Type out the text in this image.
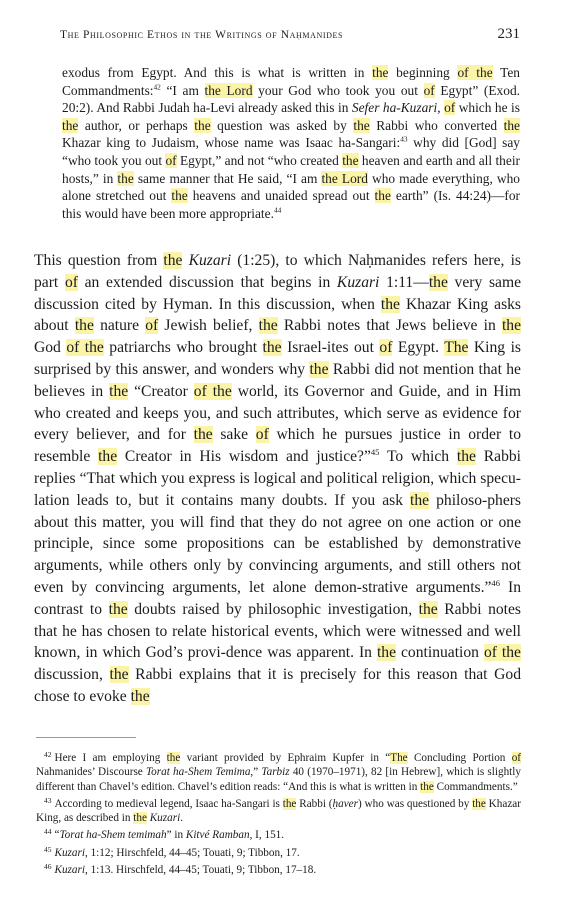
The Philosophic Ethos in the Writings of Naḥmanides	231

exodus from Egypt. And this is what is written in the beginning of the Ten Commandments:$^{42}$ “I am the Lord your God who took you out of Egypt” (Exod. 20:2). And Rabbi Judah ha-Levi already asked this in Sefer ha-Kuzari, of which he is the author, or perhaps the question was asked by the Rabbi who converted the Khazar king to Judaism, whose name was Isaac ha-Sangari:$^{43}$ why did [God] say “who took you out of Egypt,” and not “who created the heaven and earth and all their hosts,” in the same manner that He said, “I am the Lord who made everything, who alone stretched out the heavens and unaided spread out the earth” (Is. 44:24)—for this would have been more appropriate.$^{44}$

This question from the Kuzari (1:25), to which Naḥmanides refers here, is part of an extended discussion that begins in Kuzari 1:11—the very same discussion cited by Hyman. In this discussion, when the Khazar King asks about the nature of Jewish belief, the Rabbi notes that Jews believe in the God of the patriarchs who brought the Israel-ites out of Egypt. The King is surprised by this answer, and wonders why the Rabbi did not mention that he believes in the “Creator of the world, its Governor and Guide, and in Him who created and keeps you, and such attributes, which serve as evidence for every believer, and for the sake of which he pursues justice in order to resemble the Creator in His wisdom and justice?”$^{45}$ To which the Rabbi replies “That which you express is logical and political religion, which specu-lation leads to, but it contains many doubts. If you ask the philoso-phers about this matter, you will find that they do not agree on one action or one principle, since some propositions can be established by demonstrative arguments, while others only by convincing arguments, and still others not even by convincing arguments, let alone demon-strative arguments.”$^{46}$ In contrast to the doubts raised by philosophic investigation, the Rabbi notes that he has chosen to relate historical events, which were witnessed and well known, in which God’s provi-dence was apparent. In the continuation of the discussion, the Rabbi explains that it is precisely for this reason that God chose to evoke the

$^{42}$ Here I am employing the variant provided by Ephraim Kupfer in “The Concluding Portion of Nahmanides’ Discourse Torat ha-Shem Temima,” Tarbiz 40 (1970–1971), 82 [in Hebrew], which is slightly different than Chavel’s edition. Chavel’s edition reads: “And this is what is written in the Commandments.”

$^{43}$ According to medieval legend, Isaac ha-Sangari is the Rabbi (ḥaver) who was questioned by the Khazar King, as described in the Kuzari.

$^{44}$ “Torat ha-Shem temimah” in Kitvé Ramban, I, 151.

$^{45}$ Kuzari, 1:12; Hirschfeld, 44–45; Touati, 9; Tibbon, 17.

$^{46}$ Kuzari, 1:13. Hirschfeld, 44–45; Touati, 9; Tibbon, 17–18.
